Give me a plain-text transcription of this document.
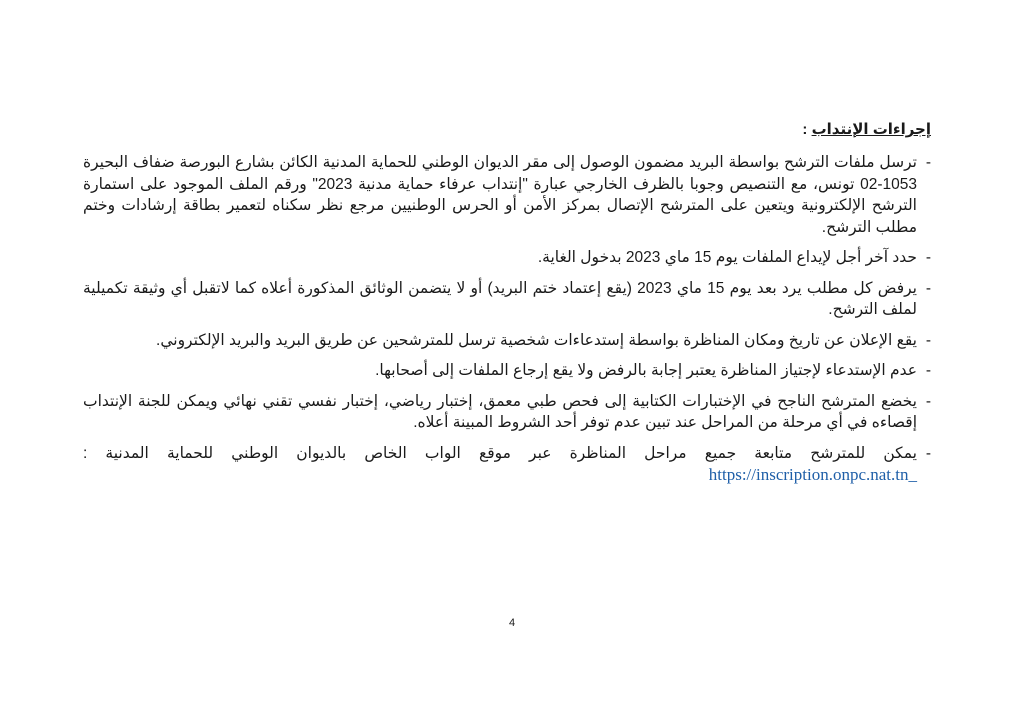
إجراءات الإنتداب :
-
ترسل ملفات الترشح بواسطة البريد مضمون الوصول إلى مقر الديوان الوطني للحماية المدنية الكائن بشارع البورصة ضفاف البحيرة 1053-02 تونس، مع التنصيص وجوبا بالظرف الخارجي عبارة "إنتداب عرفاء حماية مدنية 2023" ورقم الملف الموجود على استمارة الترشح الإلكترونية ويتعين على المترشح الإتصال بمركز الأمن أو الحرس الوطنيين مرجع نظر سكناه لتعمير بطاقة إرشادات وختم مطلب الترشح.
-
حدد آخر أجل لإيداع الملفات يوم 15 ماي 2023 بدخول الغاية.
-
يرفض كل مطلب يرد بعد يوم 15 ماي 2023 (يقع إعتماد ختم البريد) أو لا يتضمن الوثائق المذكورة أعلاه كما لاتقبل أي وثيقة تكميلية لملف الترشح.
-
يقع الإعلان عن تاريخ ومكان المناظرة بواسطة إستدعاءات شخصية ترسل للمترشحين عن طريق البريد والبريد الإلكتروني.
-
عدم الإستدعاء لإجتياز المناظرة يعتبر إجابة بالرفض ولا يقع إرجاع الملفات إلى أصحابها.
-
يخضع المترشح الناجح في الإختبارات الكتابية إلى فحص طبي معمق، إختبار رياضي، إختبار نفسي تقني نهائي ويمكن للجنة الإنتداب إقصاءه في أي مرحلة من المراحل عند تبين عدم توفر أحد الشروط المبينة أعلاه.
-
يمكن للمترشح متابعة جميع مراحل المناظرة عبر موقع الواب الخاص بالديوان الوطني للحماية المدنية : https://inscription.onpc.nat.tn_
4
